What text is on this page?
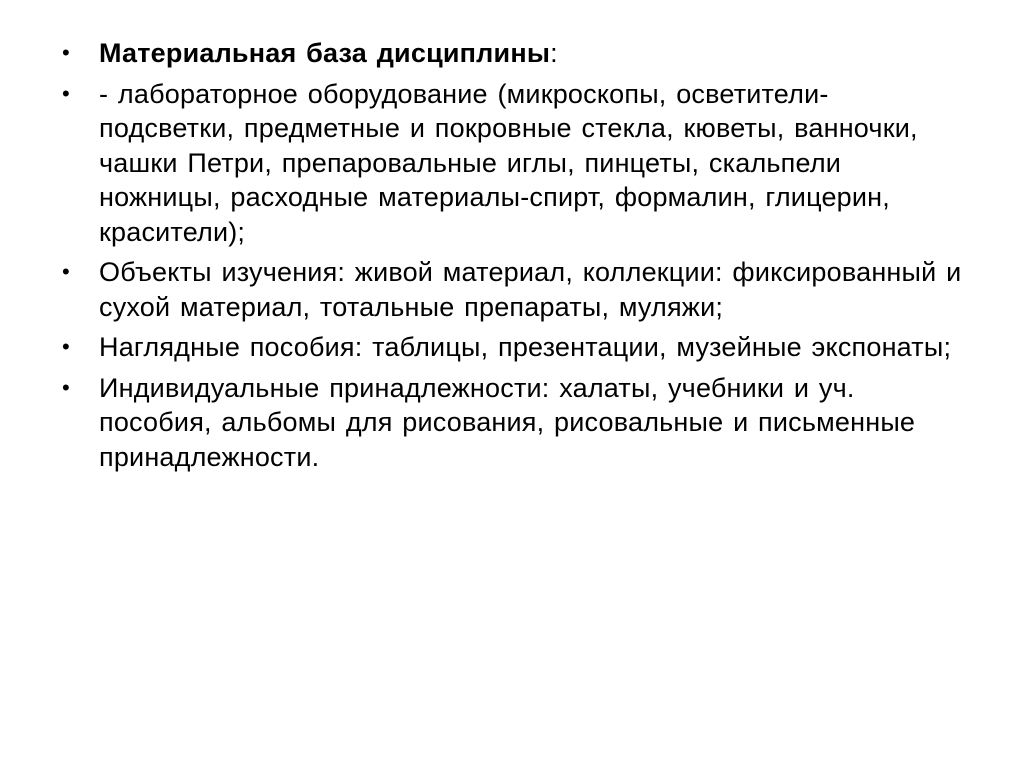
• Материальная база дисциплины:
• - лабораторное оборудование (микроскопы, осветители-подсветки, предметные и покровные стекла, кюветы, ванночки, чашки Петри, препаровальные иглы, пинцеты, скальпели ножницы, расходные материалы-спирт, формалин, глицерин, красители);
• Объекты изучения: живой материал, коллекции: фиксированный и сухой материал, тотальные препараты, муляжи;
• Наглядные пособия: таблицы, презентации, музейные экспонаты;
• Индивидуальные принадлежности: халаты, учебники и уч. пособия, альбомы для рисования, рисовальные и письменные принадлежности.
